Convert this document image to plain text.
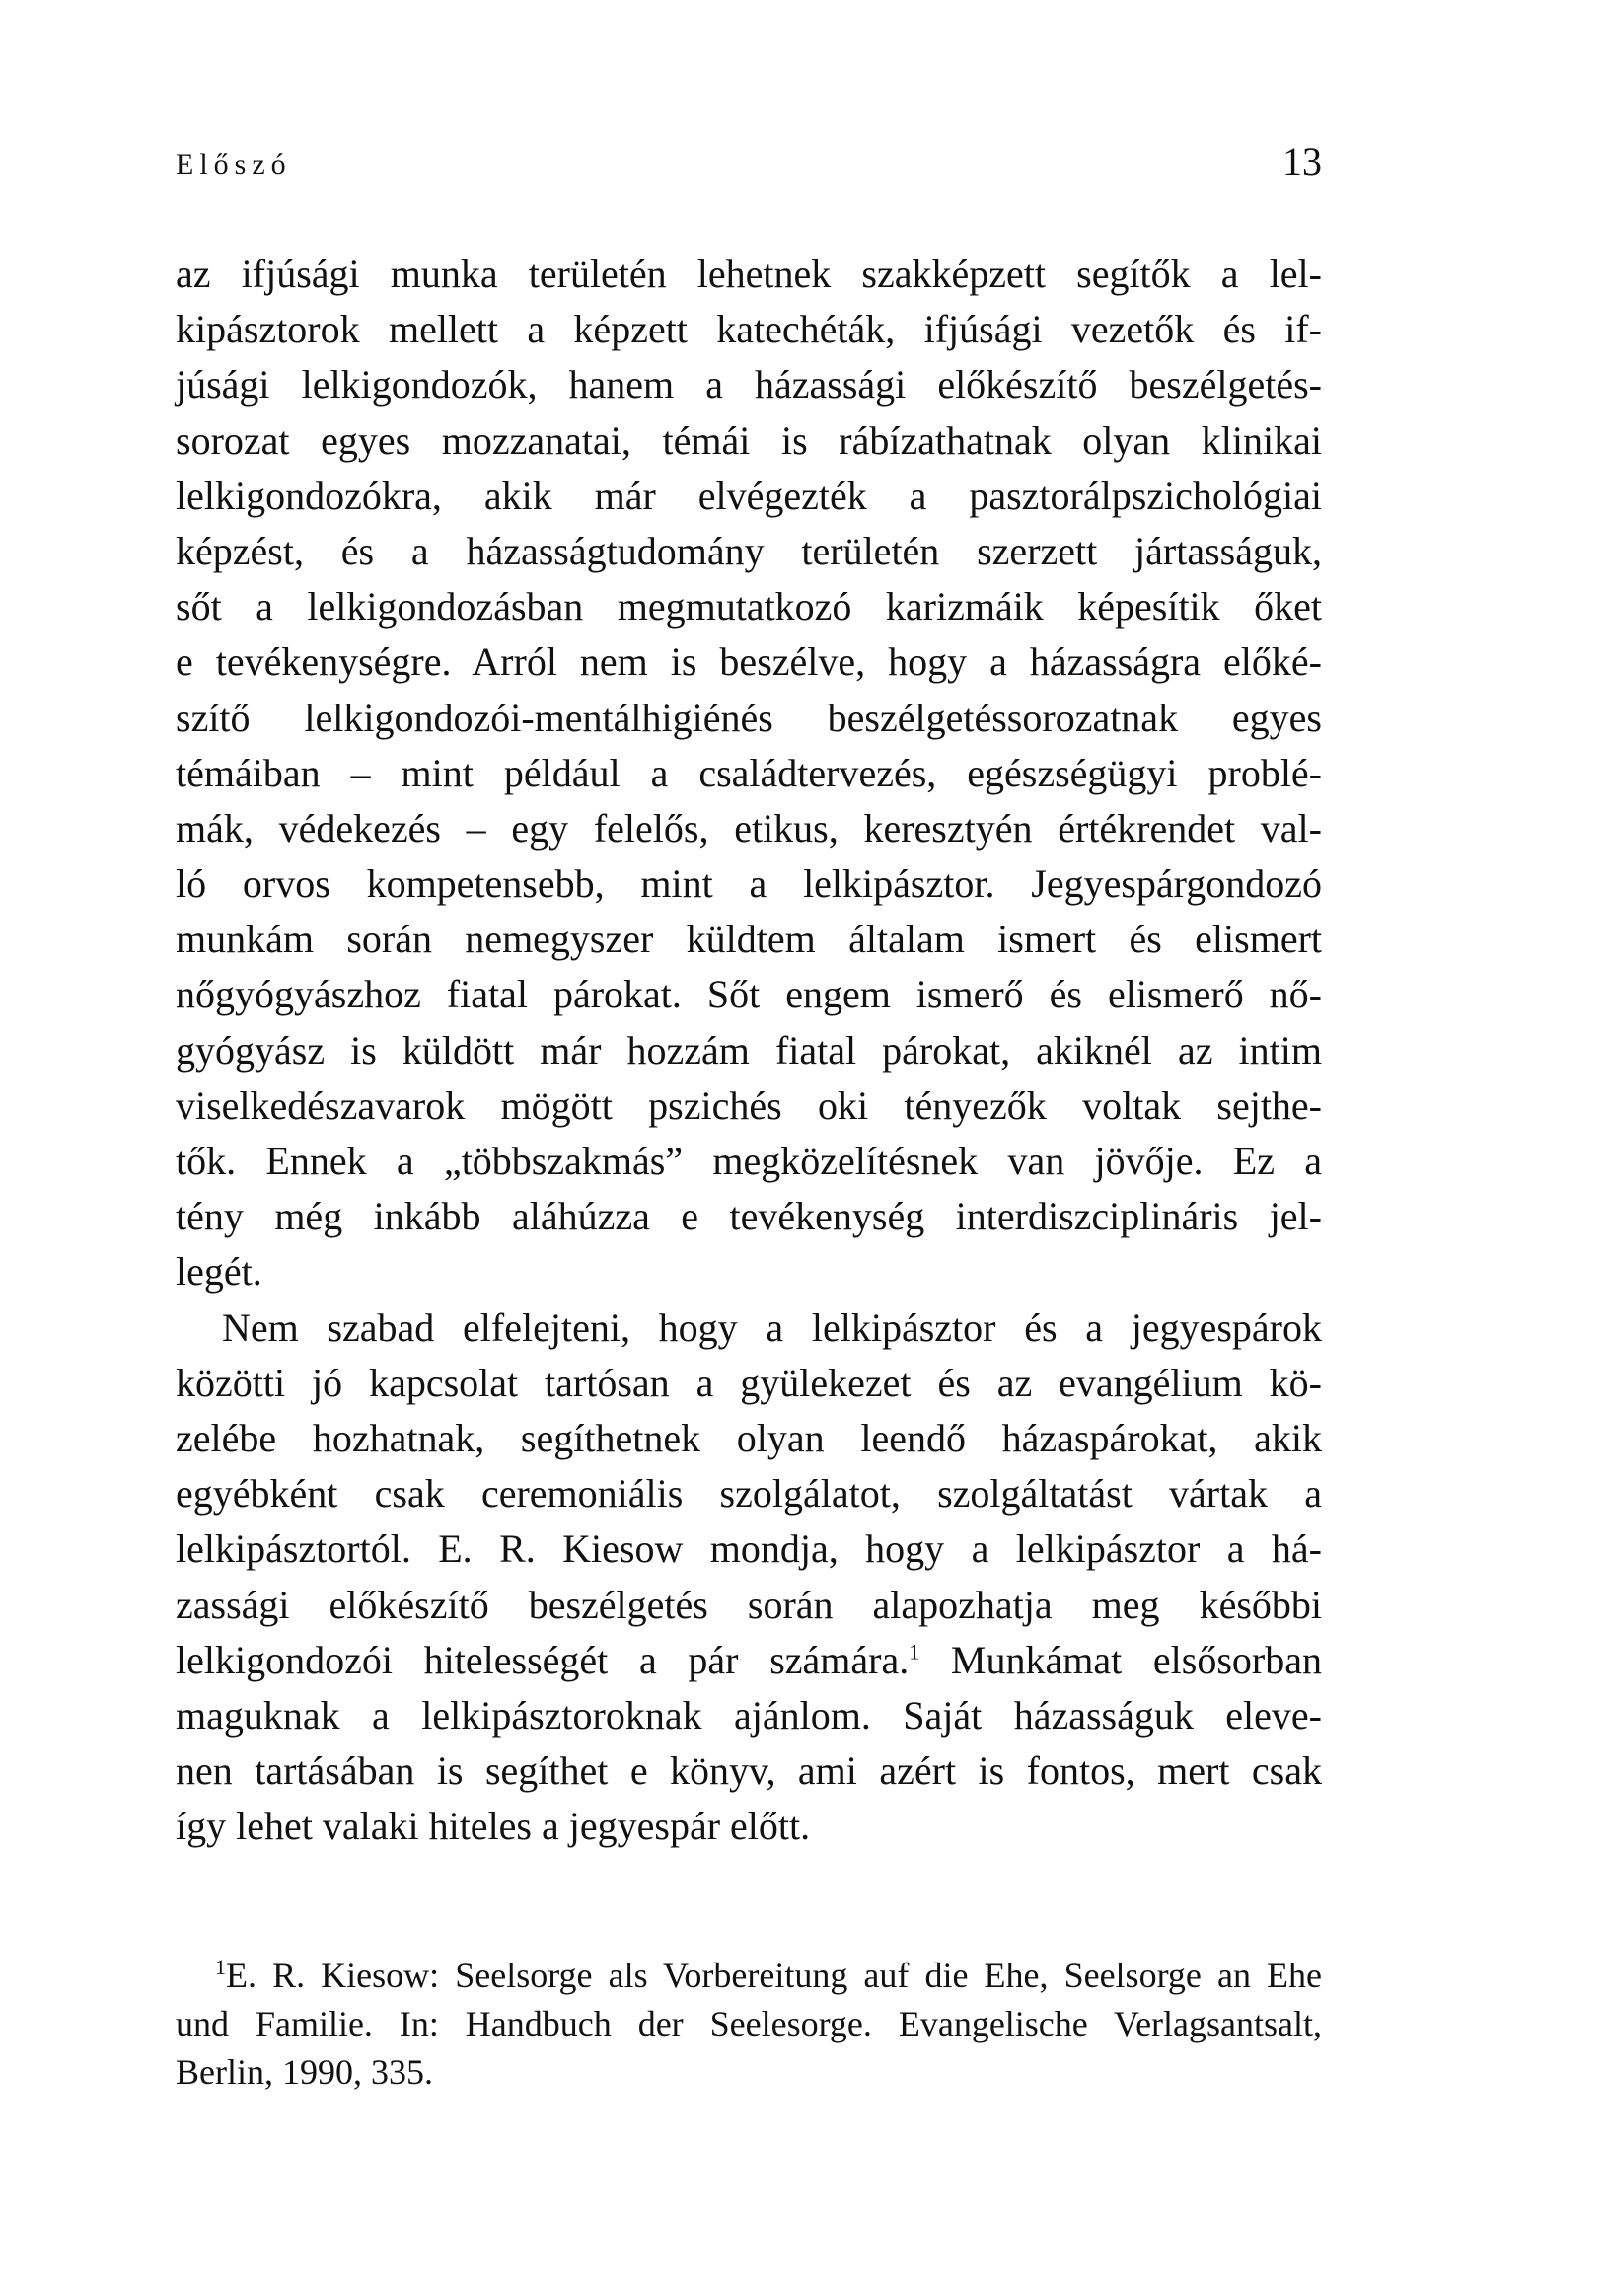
Előszó	13
az ifjúsági munka területén lehetnek szakképzett segítők a lel-
kipásztorok mellett a képzett katechéták, ifjúsági vezetők és if-
júsági lelkigondozók, hanem a házassági előkészítő beszélgetés-
sorozat egyes mozzanatai, témái is rábízathatnak olyan klinikai
lelkigondozókra, akik már elvégezték a pasztorálpszichológiai
képzést, és a házasságtudomány területén szerzett jártasságuk,
sőt a lelkigondozásban megmutatkozó karizmáik képesítik őket
e tevékenységre. Arról nem is beszélve, hogy a házasságra előké-
szítő lelkigondozói-mentálhigiénés beszélgetéssorozatnak egyes
témáiban – mint például a családtervezés, egészségügyi problé-
mák, védekezés – egy felelős, etikus, keresztyén értékrendet val-
ló orvos kompetensebb, mint a lelkipásztor. Jegyespárgondozó
munkám során nemegyszer küldtem általam ismert és elismert
nőgyógyászhoz fiatal párokat. Sőt engem ismerő és elismerő nő-
gyógyász is küldött már hozzám fiatal párokat, akiknél az intim
viselkedészavarok mögött pszichés oki tényezők voltak sejthe-
tők. Ennek a „többszakmás” megközelítésnek van jövője. Ez a
tény még inkább aláhúzza e tevékenység interdiszciplináris jel-
legét.
Nem szabad elfelejteni, hogy a lelkipásztor és a jegyespárok
közötti jó kapcsolat tartósan a gyülekezet és az evangélium kö-
zelébe hozhatnak, segíthetnek olyan leendő házaspárokat, akik
egyébként csak ceremoniális szolgálatot, szolgáltatást vártak a
lelkipásztortól. E. R. Kiesow mondja, hogy a lelkipásztor a há-
zassági előkészítő beszélgetés során alapozhatja meg későbbi
lelkigondozói hitelességét a pár számára.$^1$ Munkámat elsősorban
maguknak a lelkipásztoroknak ajánlom. Saját házasságuk eleve-
nen tartásában is segíthet e könyv, ami azért is fontos, mert csak
így lehet valaki hiteles a jegyespár előtt.
$^1$E. R. Kiesow: Seelsorge als Vorbereitung auf die Ehe, Seelsorge an Ehe
und Familie. In: Handbuch der Seelesorge. Evangelische Verlagsantsalt,
Berlin, 1990, 335.
